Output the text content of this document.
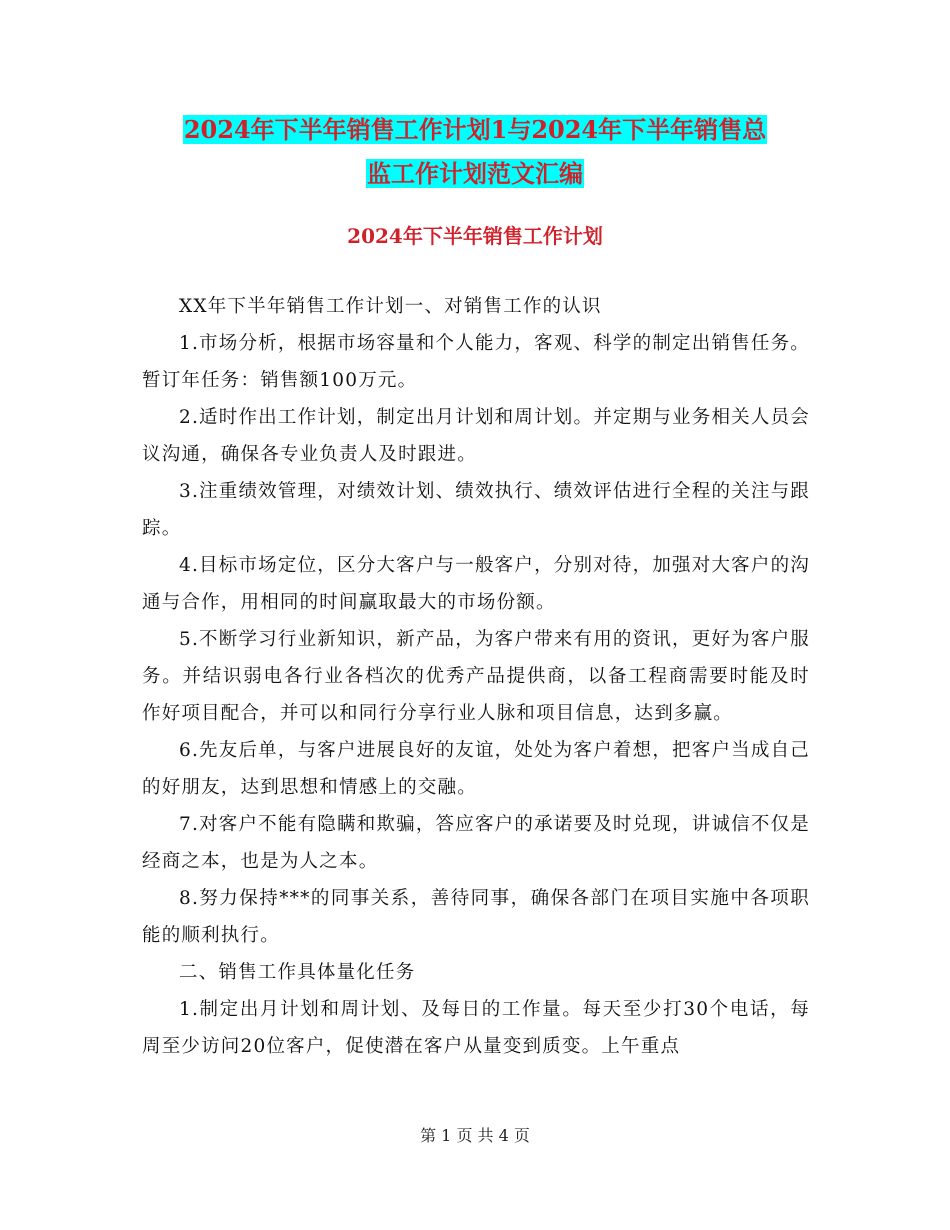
2024年下半年销售工作计划1与2024年下半年销售总
监工作计划范文汇编
2024年下半年销售工作计划

XX年下半年销售工作计划一、对销售工作的认识

1.市场分析，根据市场容量和个人能力，客观、科学的制定出销售任务。暂订年任务：销售额100万元。

2.适时作出工作计划，制定出月计划和周计划。并定期与业务相关人员会议沟通，确保各专业负责人及时跟进。

3.注重绩效管理，对绩效计划、绩效执行、绩效评估进行全程的关注与跟踪。

4.目标市场定位，区分大客户与一般客户，分别对待，加强对大客户的沟通与合作，用相同的时间赢取最大的市场份额。

5.不断学习行业新知识，新产品，为客户带来有用的资讯，更好为客户服务。并结识弱电各行业各档次的优秀产品提供商，以备工程商需要时能及时作好项目配合，并可以和同行分享行业人脉和项目信息，达到多赢。

6.先友后单，与客户进展良好的友谊，处处为客户着想，把客户当成自己的好朋友，达到思想和情感上的交融。

7.对客户不能有隐瞒和欺骗，答应客户的承诺要及时兑现，讲诚信不仅是经商之本，也是为人之本。

8.努力保持***的同事关系，善待同事，确保各部门在项目实施中各项职能的顺利执行。

二、销售工作具体量化任务

1.制定出月计划和周计划、及每日的工作量。每天至少打30个电话，每周至少访问20位客户，促使潜在客户从量变到质变。上午重点

第 1 页 共 4 页
